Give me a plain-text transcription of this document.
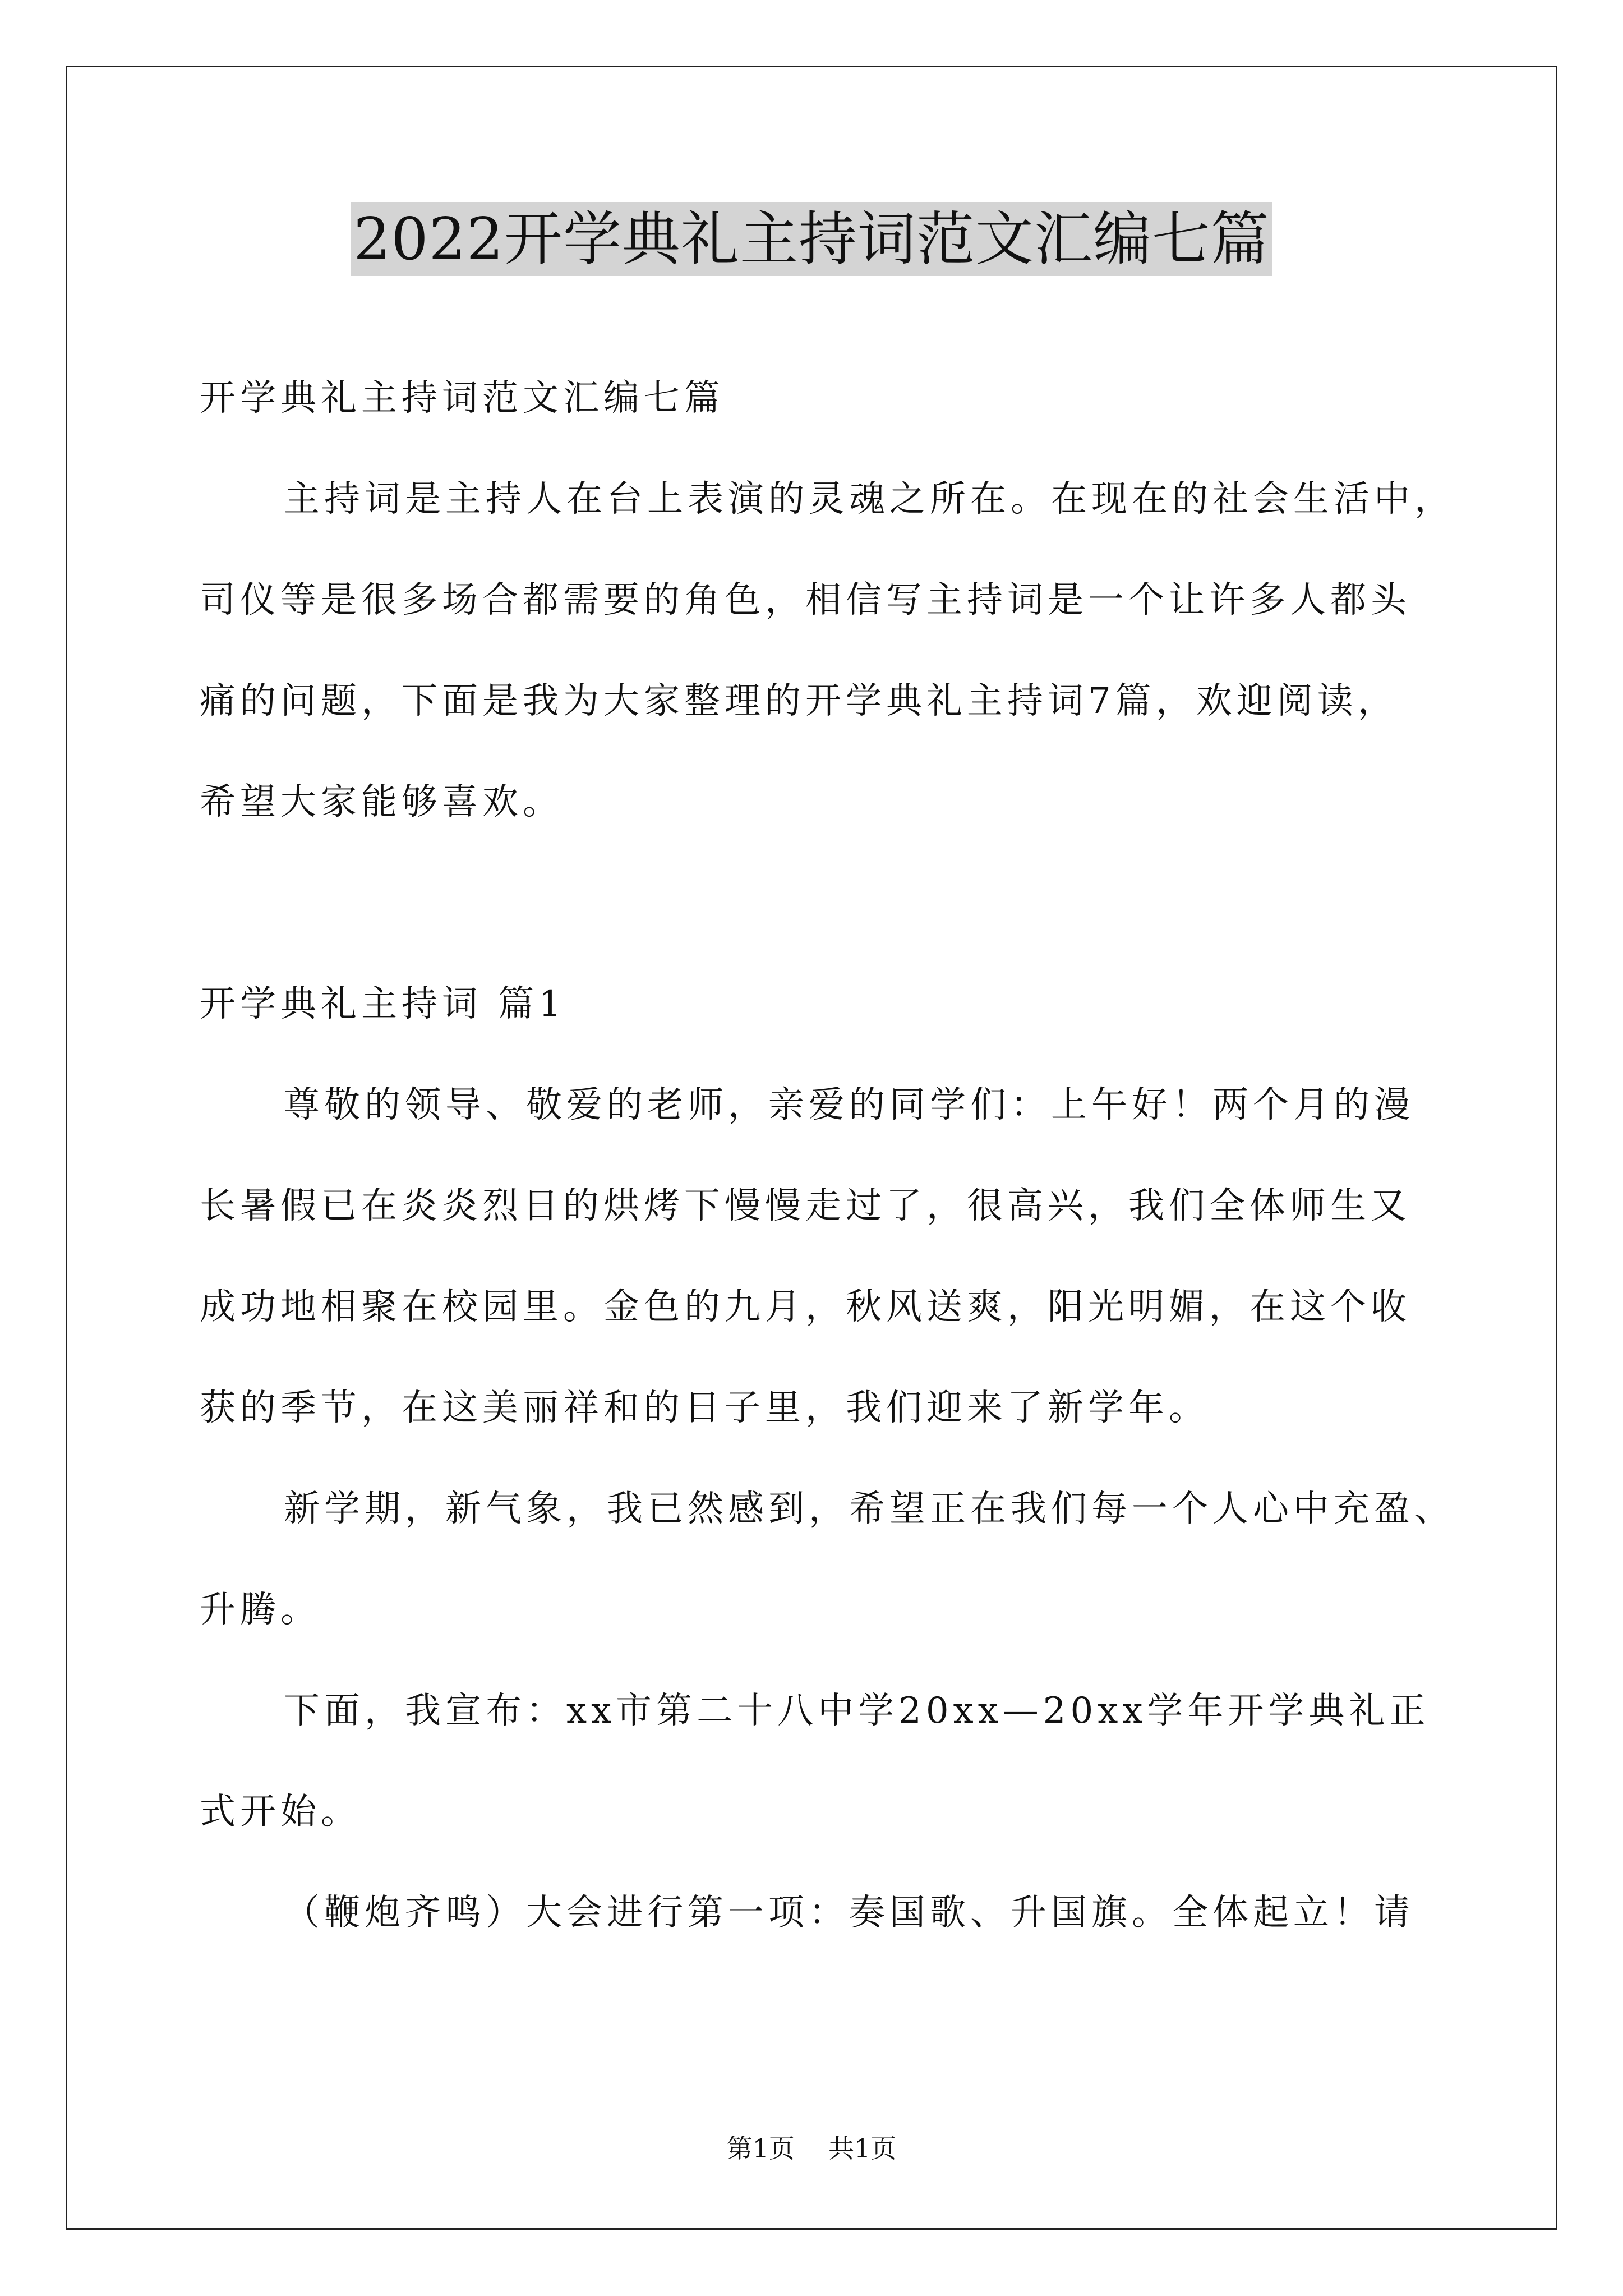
2022开学典礼主持词范文汇编七篇
开学典礼主持词范文汇编七篇
主持词是主持人在台上表演的灵魂之所在。在现在的社会生活中，
司仪等是很多场合都需要的角色，相信写主持词是一个让许多人都头
痛的问题，下面是我为大家整理的开学典礼主持词7篇，欢迎阅读，
希望大家能够喜欢。
开学典礼主持词 篇1
尊敬的领导、敬爱的老师，亲爱的同学们：上午好！两个月的漫
长暑假已在炎炎烈日的烘烤下慢慢走过了，很高兴，我们全体师生又
成功地相聚在校园里。金色的九月，秋风送爽，阳光明媚，在这个收
获的季节，在这美丽祥和的日子里，我们迎来了新学年。
新学期，新气象，我已然感到，希望正在我们每一个人心中充盈、
升腾。
下面，我宣布：xx市第二十八中学20xx—20xx学年开学典礼正
式开始。
（鞭炮齐鸣）大会进行第一项：奏国歌、升国旗。全体起立！请
第1页 共1页
